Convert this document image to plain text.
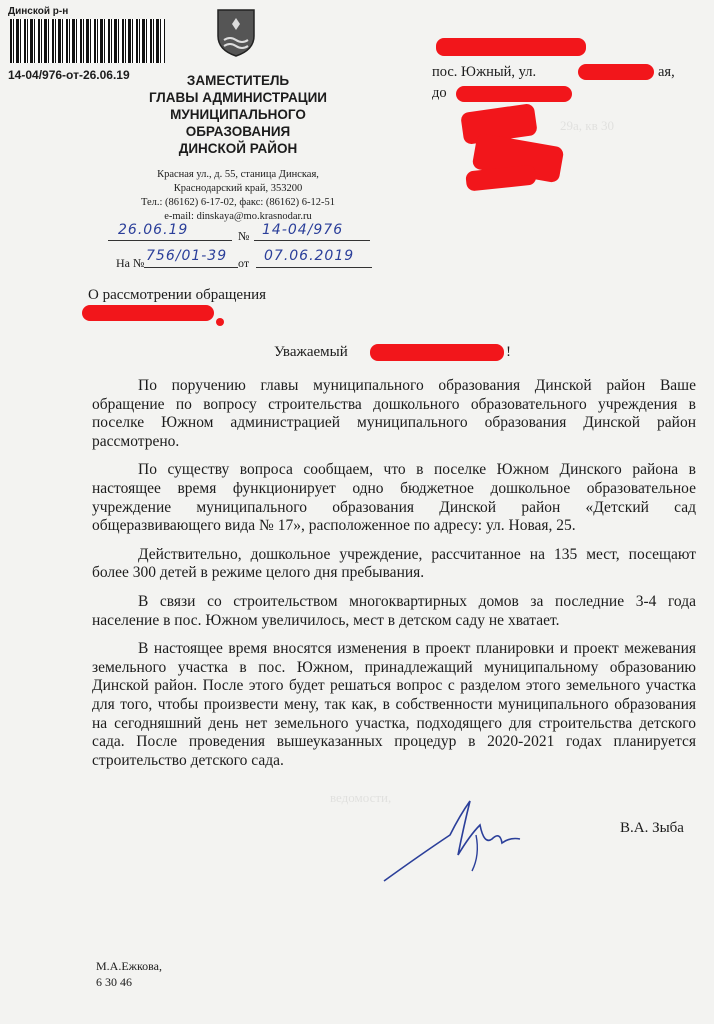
Динской р-н
14-04/976-от-26.06.19	ЗАМЕСТИТЕЛЬ
ГЛАВЫ АДМИНИСТРАЦИИ
МУНИЦИПАЛЬНОГО
ОБРАЗОВАНИЯ
ДИНСКОЙ РАЙОН
Красная ул., д. 55, станица Динская,
Краснодарский край, 353200
Тел.: (86162) 6-17-02, факс: (86162) 6-12-51
e-mail: dinskaya@mo.krasnodar.ru
26.06.19	№ 14-04/976
На № 756/01-39 от 07.06.2019
пос. Южный, ул.	ая,
до
О рассмотрении обращения
Уважаемый	!
29а, кв 30
ведомости,

По поручению главы муниципального образования Динской район Ваше обращение по вопросу строительства дошкольного образовательного учреждения в поселке Южном администрацией муниципального образования Динской район рассмотрено.

По существу вопроса сообщаем, что в поселке Южном Динского района в настоящее время функционирует одно бюджетное дошкольное образовательное учреждение муниципального образования Динской район «Детский сад общеразвивающего вида № 17», расположенное по адресу: ул. Новая, 25.

Действительно, дошкольное учреждение, рассчитанное на 135 мест, посещают более 300 детей в режиме целого дня пребывания.

В связи со строительством многоквартирных домов за последние 3-4 года население в пос. Южном увеличилось, мест в детском саду не хватает.

В настоящее время вносятся изменения в проект планировки и проект межевания земельного участка в пос. Южном, принадлежащий муниципальному образованию Динской район. После этого будет решаться вопрос с разделом этого земельного участка для того, чтобы произвести мену, так как, в собственности муниципального образования на сегодняшний день нет земельного участка, подходящего для строительства детского сада. После проведения вышеуказанных процедур в 2020-2021 годах планируется строительство детского сада.

В.А. Зыба
М.А.Ежкова,
6 30 46
